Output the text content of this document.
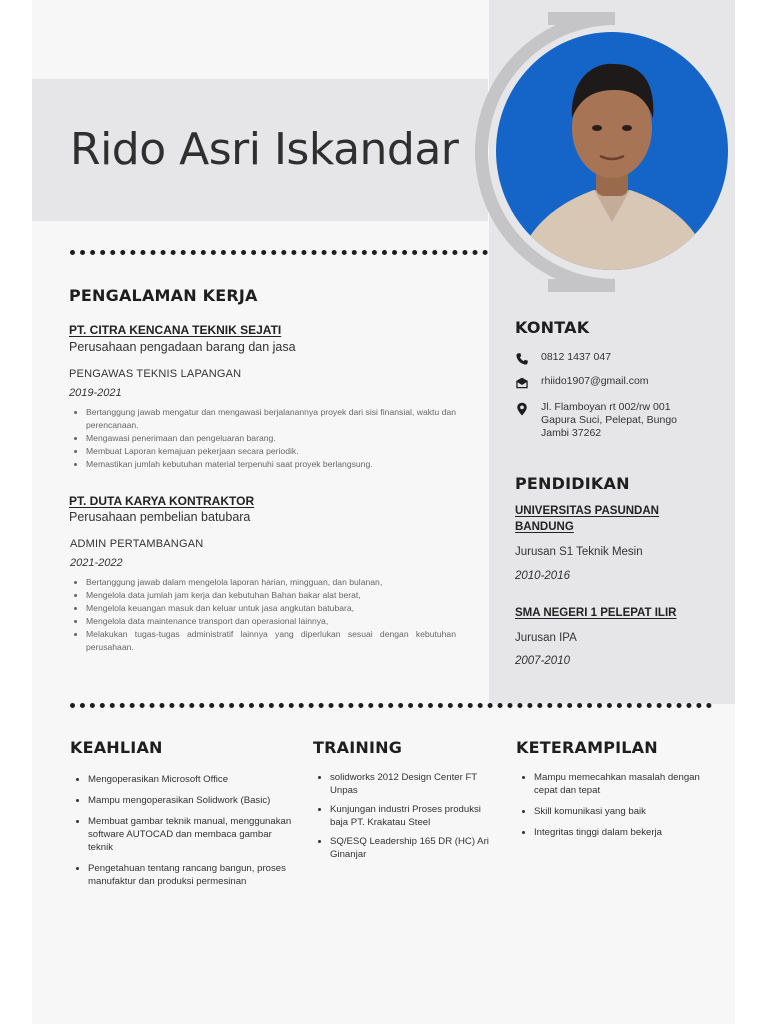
Rido Asri Iskandar
PENGALAMAN KERJA
PT. CITRA KENCANA TEKNIK SEJATI
Perusahaan pengadaan barang dan jasa
PENGAWAS TEKNIS LAPANGAN
2019-2021
• Bertanggung jawab mengatur dan mengawasi berjalanannya proyek dari sisi finansial, waktu dan perencanaan.
• Mengawasi penerimaan dan pengeluaran barang.
• Membuat Laporan kemajuan pekerjaan secara periodik.
• Memastikan jumlah kebutuhan material terpenuhi saat proyek berlangsung.
PT. DUTA KARYA KONTRAKTOR
Perusahaan pembelian batubara
ADMIN PERTAMBANGAN
2021-2022
• Bertanggung jawab dalam mengelola laporan harian, mingguan, dan bulanan,
• Mengelola data jumlah jam kerja dan kebutuhan Bahan bakar alat berat,
• Mengelola keuangan masuk dan keluar untuk jasa angkutan batubara,
• Mengelola data maintenance transport dan operasional lainnya,
• Melakukan tugas-tugas administratif lainnya yang diperlukan sesuai dengan kebutuhan perusahaan.
KONTAK
0812 1437 047
rhiido1907@gmail.com
Jl. Flamboyan rt 002/rw 001
Gapura Suci, Pelepat, Bungo
Jambi 37262
PENDIDIKAN
UNIVERSITAS PASUNDAN BANDUNG
Jurusan S1 Teknik Mesin
2010-2016
SMA NEGERI 1 PELEPAT ILIR
Jurusan IPA
2007-2010
KEAHLIAN
• Mengoperasikan Microsoft Office
• Mampu mengoperasikan Solidwork (Basic)
• Membuat gambar teknik manual, menggunakan software AUTOCAD dan membaca gambar teknik
• Pengetahuan tentang rancang bangun, proses manufaktur dan produksi permesinan
TRAINING
• solidworks 2012 Design Center FT Unpas
• Kunjungan industri Proses produksi baja PT. Krakatau Steel
• SQ/ESQ Leadership 165 DR (HC) Ari Ginanjar
KETERAMPILAN
• Mampu memecahkan masalah dengan cepat dan tepat
• Skill komunikasi yang baik
• Integritas tinggi dalam bekerja
